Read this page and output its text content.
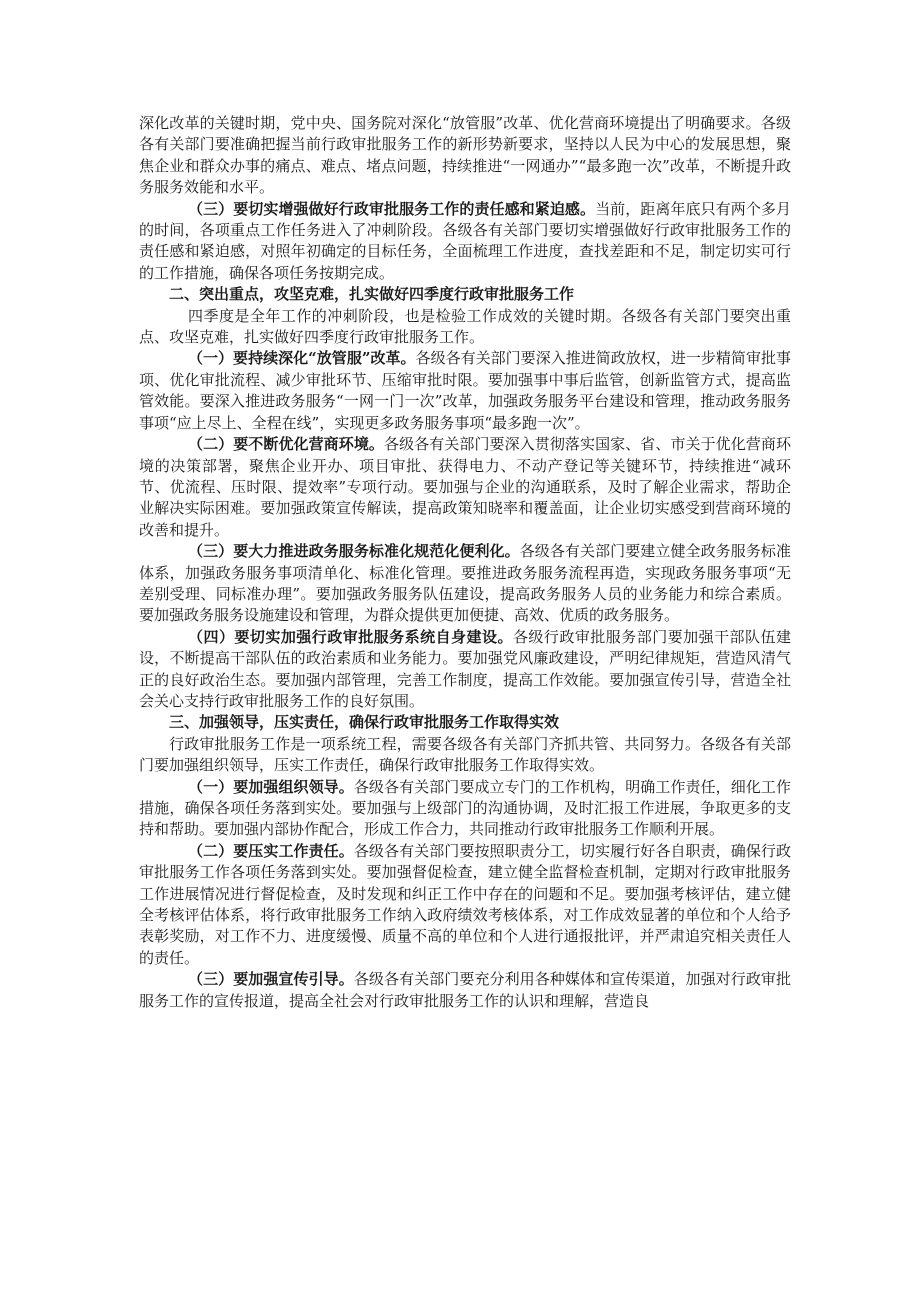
深化改革的关键时期，党中央、国务院对深化“放管服”改革、优化营商环境提出了明确要求。各级各有关部门要准确把握当前行政审批服务工作的新形势新要求，坚持以人民为中心的发展思想，聚焦企业和群众办事的痛点、难点、堵点问题，持续推进“一网通办”“最多跑一次”改革，不断提升政务服务效能和水平。

（三）要切实增强做好行政审批服务工作的责任感和紧迫感。当前，距离年底只有两个多月的时间，各项重点工作任务进入了冲刺阶段。各级各有关部门要切实增强做好行政审批服务工作的责任感和紧迫感，对照年初确定的目标任务，全面梳理工作进度，查找差距和不足，制定切实可行的工作措施，确保各项任务按期完成。

二、突出重点，攻坚克难，扎实做好四季度行政审批服务工作

四季度是全年工作的冲刺阶段，也是检验工作成效的关键时期。各级各有关部门要突出重点、攻坚克难，扎实做好四季度行政审批服务工作。

（一）要持续深化“放管服”改革。各级各有关部门要深入推进简政放权，进一步精简审批事项、优化审批流程、减少审批环节、压缩审批时限。要加强事中事后监管，创新监管方式，提高监管效能。要深入推进政务服务“一网一门一次”改革，加强政务服务平台建设和管理，推动政务服务事项“应上尽上、全程在线”，实现更多政务服务事项“最多跑一次”。

（二）要不断优化营商环境。各级各有关部门要深入贯彻落实国家、省、市关于优化营商环境的决策部署，聚焦企业开办、项目审批、获得电力、不动产登记等关键环节，持续推进“减环节、优流程、压时限、提效率”专项行动。要加强与企业的沟通联系，及时了解企业需求，帮助企业解决实际困难。要加强政策宣传解读，提高政策知晓率和覆盖面，让企业切实感受到营商环境的改善和提升。

（三）要大力推进政务服务标准化规范化便利化。各级各有关部门要建立健全政务服务标准体系，加强政务服务事项清单化、标准化管理。要推进政务服务流程再造，实现政务服务事项“无差别受理、同标准办理”。要加强政务服务队伍建设，提高政务服务人员的业务能力和综合素质。要加强政务服务设施建设和管理，为群众提供更加便捷、高效、优质的政务服务。

（四）要切实加强行政审批服务系统自身建设。各级行政审批服务部门要加强干部队伍建设，不断提高干部队伍的政治素质和业务能力。要加强党风廉政建设，严明纪律规矩，营造风清气正的良好政治生态。要加强内部管理，完善工作制度，提高工作效能。要加强宣传引导，营造全社会关心支持行政审批服务工作的良好氛围。

三、加强领导，压实责任，确保行政审批服务工作取得实效

行政审批服务工作是一项系统工程，需要各级各有关部门齐抓共管、共同努力。各级各有关部门要加强组织领导，压实工作责任，确保行政审批服务工作取得实效。

（一）要加强组织领导。各级各有关部门要成立专门的工作机构，明确工作责任，细化工作措施，确保各项任务落到实处。要加强与上级部门的沟通协调，及时汇报工作进展，争取更多的支持和帮助。要加强内部协作配合，形成工作合力，共同推动行政审批服务工作顺利开展。

（二）要压实工作责任。各级各有关部门要按照职责分工，切实履行好各自职责，确保行政审批服务工作各项任务落到实处。要加强督促检查，建立健全监督检查机制，定期对行政审批服务工作进展情况进行督促检查，及时发现和纠正工作中存在的问题和不足。要加强考核评估，建立健全考核评估体系，将行政审批服务工作纳入政府绩效考核体系，对工作成效显著的单位和个人给予表彰奖励，对工作不力、进度缓慢、质量不高的单位和个人进行通报批评，并严肃追究相关责任人的责任。

（三）要加强宣传引导。各级各有关部门要充分利用各种媒体和宣传渠道，加强对行政审批服务工作的宣传报道，提高全社会对行政审批服务工作的认识和理解，营造良
